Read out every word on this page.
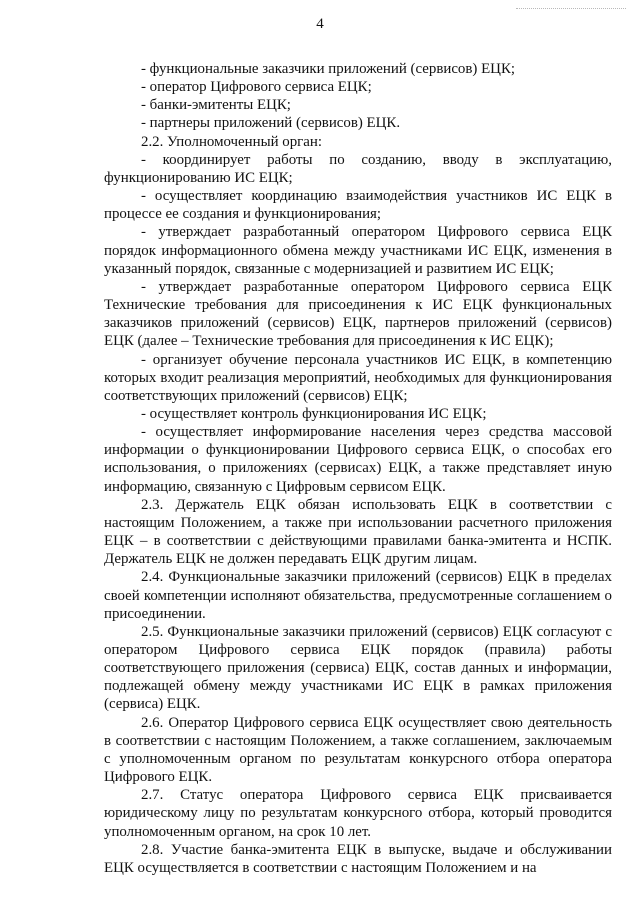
4

- функциональные заказчики приложений (сервисов) ЕЦК;

- оператор Цифрового сервиса ЕЦК;

- банки-эмитенты ЕЦК;

- партнеры приложений (сервисов) ЕЦК.

2.2. Уполномоченный орган:

- координирует работы по созданию, вводу в эксплуатацию, функционированию ИС ЕЦК;

- осуществляет координацию взаимодействия участников ИС ЕЦК в процессе ее создания и функционирования;

- утверждает разработанный оператором Цифрового сервиса ЕЦК порядок информационного обмена между участниками ИС ЕЦК, изменения в указанный порядок, связанные с модернизацией и развитием ИС ЕЦК;

- утверждает разработанные оператором Цифрового сервиса ЕЦК Технические требования для присоединения к ИС ЕЦК функциональных заказчиков приложений (сервисов) ЕЦК, партнеров приложений (сервисов) ЕЦК (далее – Технические требования для присоединения к ИС ЕЦК);

- организует обучение персонала участников ИС ЕЦК, в компетенцию которых входит реализация мероприятий, необходимых для функционирования соответствующих приложений (сервисов) ЕЦК;

- осуществляет контроль функционирования ИС ЕЦК;

- осуществляет информирование населения через средства массовой информации о функционировании Цифрового сервиса ЕЦК, о способах его использования, о приложениях (сервисах) ЕЦК, а также представляет иную информацию, связанную с Цифровым сервисом ЕЦК.

2.3. Держатель ЕЦК обязан использовать ЕЦК в соответствии с настоящим Положением, а также при использовании расчетного приложения ЕЦК – в соответствии с действующими правилами банка-эмитента и НСПК. Держатель ЕЦК не должен передавать ЕЦК другим лицам.

2.4. Функциональные заказчики приложений (сервисов) ЕЦК в пределах своей компетенции исполняют обязательства, предусмотренные соглашением о присоединении.

2.5. Функциональные заказчики приложений (сервисов) ЕЦК согласуют с оператором Цифрового сервиса ЕЦК порядок (правила) работы соответствующего приложения (сервиса) ЕЦК, состав данных и информации, подлежащей обмену между участниками ИС ЕЦК в рамках приложения (сервиса) ЕЦК.

2.6. Оператор Цифрового сервиса ЕЦК осуществляет свою деятельность в соответствии с настоящим Положением, а также соглашением, заключаемым с уполномоченным органом по результатам конкурсного отбора оператора Цифрового ЕЦК.

2.7. Статус оператора Цифрового сервиса ЕЦК присваивается юридическому лицу по результатам конкурсного отбора, который проводится уполномоченным органом, на срок 10 лет.

2.8. Участие банка-эмитента ЕЦК в выпуске, выдаче и обслуживании ЕЦК осуществляется в соответствии с настоящим Положением и на
